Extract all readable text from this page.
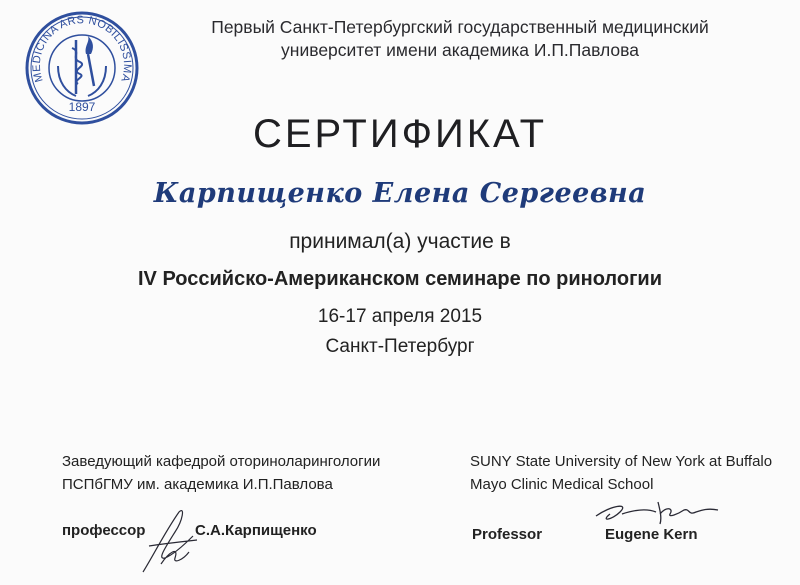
MEDICINA ARS NOBILISSIMA
1897
Первый Санкт-Петербургский государственный медицинский
университет имени академика И.П.Павлова
СЕРТИФИКАТ
Карпищенко Елена Сергеевна
принимал(а) участие в
IV Российско-Американском семинаре по ринологии
16-17 апреля 2015
Санкт-Петербург
Заведующий кафедрой оториноларингологии
ПСПбГМУ им. академика И.П.Павлова
SUNY State University of New York at Buffalo
Mayo Clinic Medical School
профессор	С.А.Карпищенко	Professor	Eugene Kern
